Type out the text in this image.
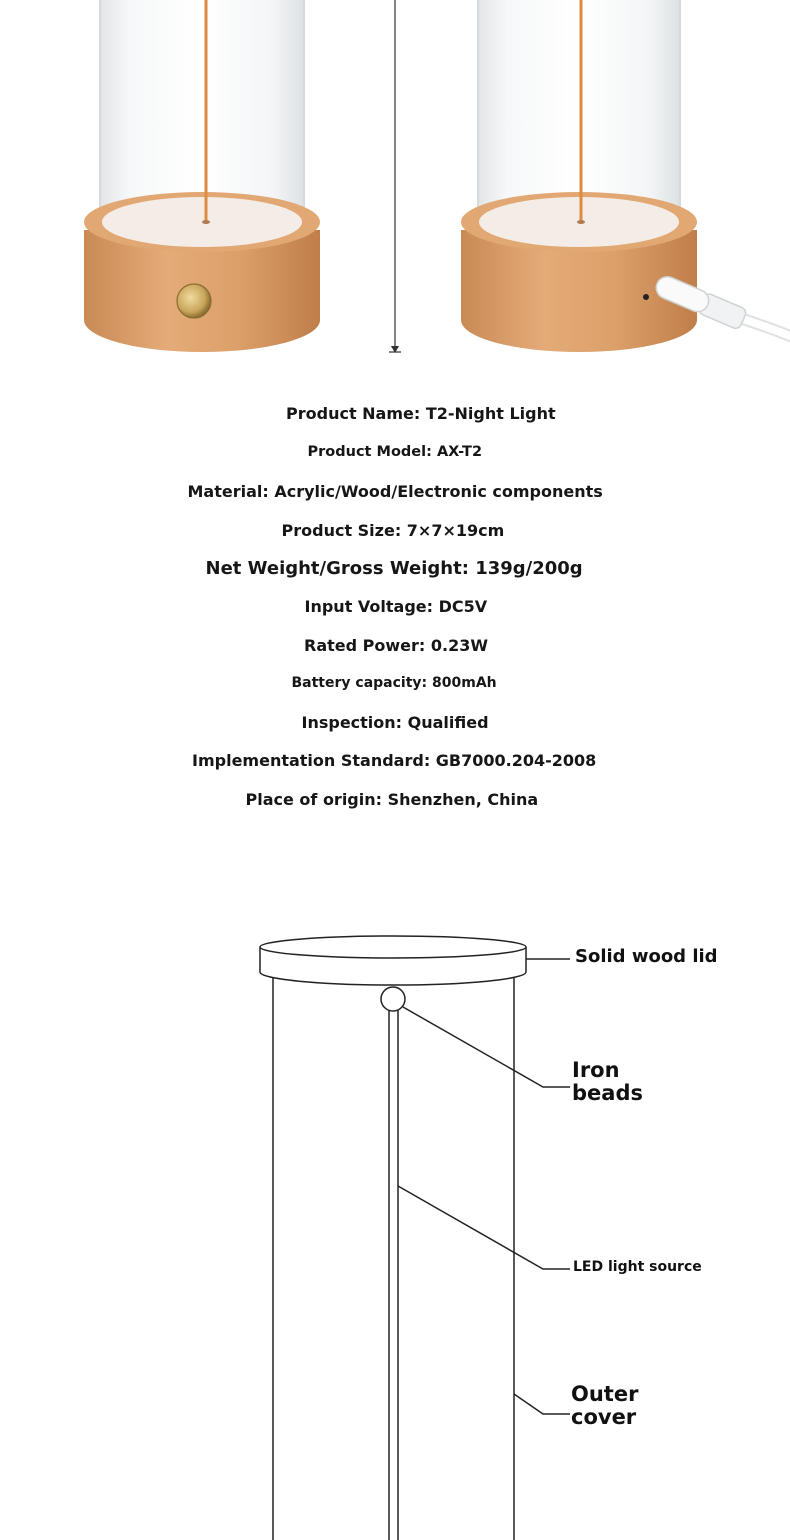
Product Name: T2-Night Light
Product Model: AX-T2
Material: Acrylic/Wood/Electronic components
Product Size: 7×7×19cm
Net Weight/Gross Weight: 139g/200g
Input Voltage: DC5V
Rated Power: 0.23W
Battery capacity: 800mAh
Inspection: Qualified
Implementation Standard: GB7000.204-2008
Place of origin: Shenzhen, China
Solid wood lid
Iron
beads
LED light source
Outer
cover
